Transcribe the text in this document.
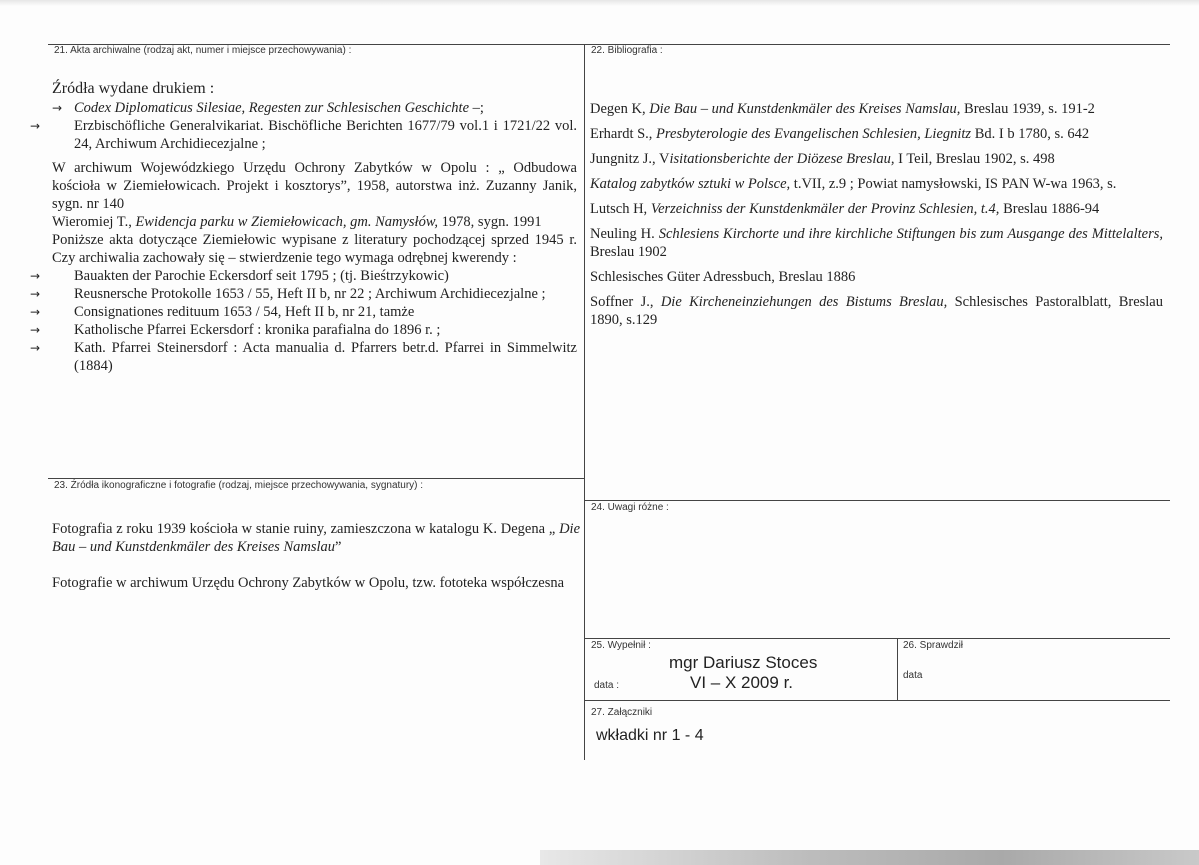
21. Akta archiwalne (rodzaj akt, numer i miejsce przechowywania) :

Źródła wydane drukiem :

→ Codex Diplomaticus Silesiae, Regesten zur Schlesischen Geschichte –;

→ Erzbischöfliche Generalvikariat. Bischöfliche Berichten 1677/79 vol.1 i 1721/22 vol. 24, Archiwum Archidiecezjalne ;

W archiwum Wojewódzkiego Urzędu Ochrony Zabytków w Opolu : „ Odbudowa kościoła w Ziemiełowicach. Projekt i kosztorys”, 1958, autorstwa inż. Zuzanny Janik, sygn. nr 140

Wieromiej T., Ewidencja parku w Ziemiełowicach, gm. Namysłów, 1978, sygn. 1991

Poniższe akta dotyczące Ziemiełowic wypisane z literatury pochodzącej sprzed 1945 r. Czy archiwalia zachowały się – stwierdzenie tego wymaga odrębnej kwerendy :

→ Bauakten der Parochie Eckersdorf seit 1795 ; (tj. Bieśtrzykowic)

→ Reusnersche Protokolle 1653 / 55, Heft II b, nr 22 ; Archiwum Archidiecezjalne ;

→ Consignationes redituum 1653 / 54, Heft II b, nr 21, tamże

→ Katholische Pfarrei Eckersdorf : kronika parafialna do 1896 r. ;

→ Kath. Pfarrei Steinersdorf : Acta manualia d. Pfarrers betr.d. Pfarrei in Simmelwitz (1884)

22. Bibliografia :

Degen K, Die Bau – und Kunstdenkmäler des Kreises Namslau, Breslau 1939, s. 191-2

Erhardt S., Presbyterologie des Evangelischen Schlesien, Liegnitz Bd. I b 1780, s. 642

Jungnitz J., Visitationsberichte der Diözese Breslau, I Teil, Breslau 1902, s. 498

Katalog zabytków sztuki w Polsce, t.VII, z.9 ; Powiat namysłowski, IS PAN W-wa 1963, s.

Lutsch H, Verzeichniss der Kunstdenkmäler der Provinz Schlesien, t.4, Breslau 1886-94

Neuling H. Schlesiens Kirchorte und ihre kirchliche Stiftungen bis zum Ausgange des Mittelalters, Breslau 1902

Schlesisches Güter Adressbuch, Breslau 1886

Soffner J., Die Kircheneinziehungen des Bistums Breslau, Schlesisches Pastoralblatt, Breslau 1890, s.129

23. Źródła ikonograficzne i fotografie (rodzaj, miejsce przechowywania, sygnatury) :

Fotografia z roku 1939 kościoła w stanie ruiny, zamieszczona w katalogu K. Degena „ Die Bau – und Kunstdenkmäler des Kreises Namslau”

Fotografie w archiwum Urzędu Ochrony Zabytków w Opolu, tzw. fototeka współczesna

24. Uwagi różne :
25. Wypełnił :
mgr Dariusz Stoces
data :	VI – X 2009 r.
26. Sprawdził
data
27. Załączniki
wkładki nr 1 - 4
